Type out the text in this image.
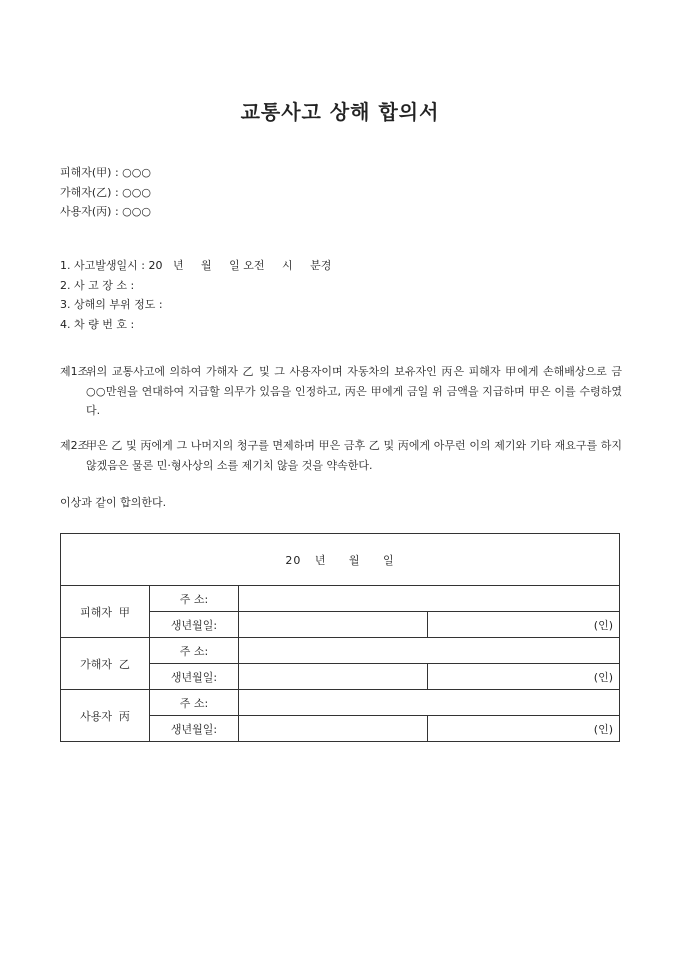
교통사고 상해 합의서
피해자(甲) : ○○○
가해자(乙) : ○○○
사용자(丙) : ○○○
1. 사고발생일시 : 20   년     월     일 오전     시     분경
2. 사 고 장 소 :
3. 상해의 부위 정도 :
4. 차 량 번 호 :
제1조
위의 교통사고에 의하여 가해자 乙 및 그 사용자이며 자동차의 보유자인 丙은 피해자 甲에게 손해배상으로 금 ○○만원을 연대하여 지급할 의무가 있음을 인정하고, 丙은 甲에게 금일 위 금액을 지급하며 甲은 이를 수령하였다.
제2조
甲은 乙 및 丙에게 그 나머지의 청구를 면제하며 甲은 금후 乙 및 丙에게 아무런 이의 제기와 기타 재요구를 하지 않겠음은 물론 민·형사상의 소를 제기치 않을 것을 약속한다.
이상과 같이 합의한다.
20   년     월     일			
피해자  甲	주 소:		
	생년월일:		(인)
가해자  乙	주 소:		
	생년월일:		(인)
사용자  丙	주 소:		
	생년월일:		(인)
